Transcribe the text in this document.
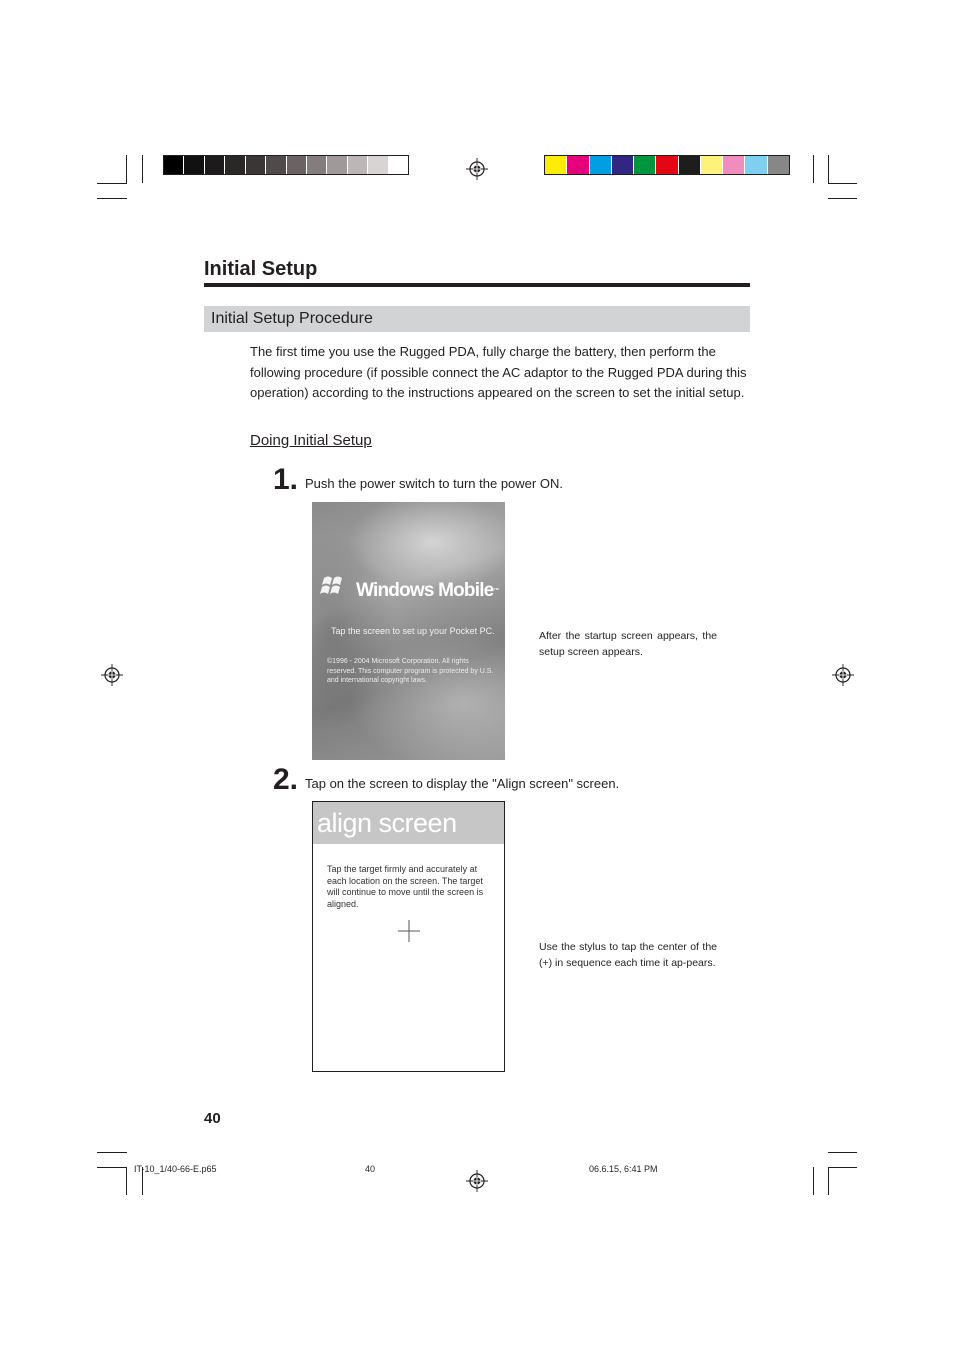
Initial Setup
Initial Setup Procedure

The first time you use the Rugged PDA, fully charge the battery, then perform the following procedure (if possible connect the AC adaptor to the Rugged PDA during this operation) according to the instructions appeared on the screen to set the initial setup.

Doing Initial Setup
1. Push the power switch to turn the power ON.
Windows Mobile™
Tap the screen to set up your Pocket PC.
©1996 - 2004 Microsoft Corporation. All rights reserved. This computer program is protected by U.S. and international copyright laws.
After the startup screen appears, the setup screen appears.
2. Tap on the screen to display the "Align screen" screen.
align screen
Tap the target firmly and accurately at each location on the screen. The target will continue to move until the screen is aligned.
Use the stylus to tap the center of the (+) in sequence each time it ap-pears.
40
IT-10_1/40-66-E.p65	40	06.6.15, 6:41 PM
